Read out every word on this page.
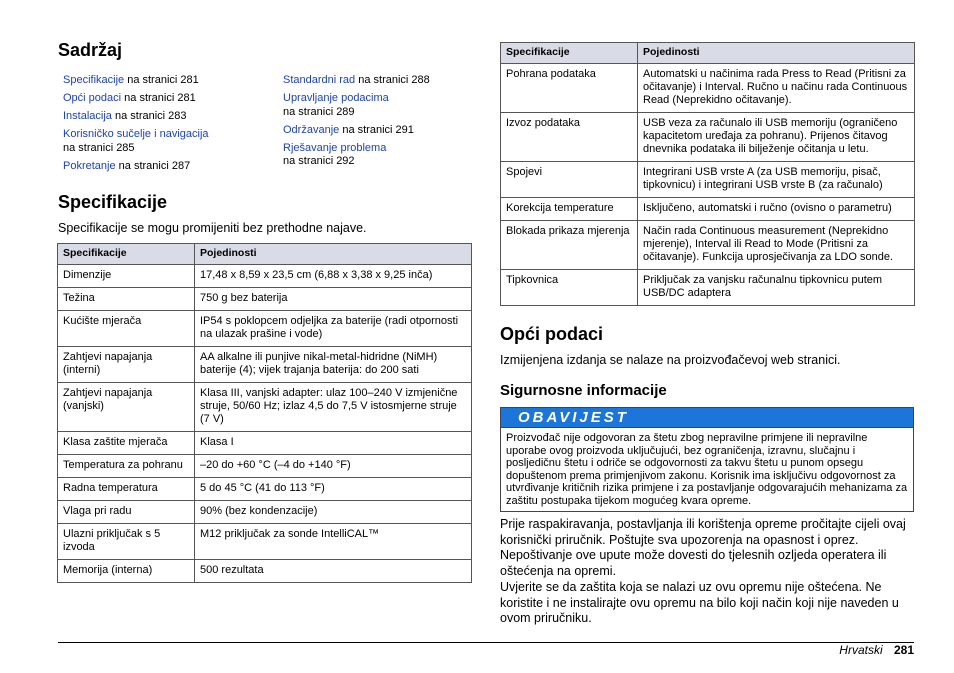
Sadržaj
Specifikacije na stranici 281
Opći podaci na stranici 281
Instalacija na stranici 283
Korisničko sučelje i navigacija
na stranici 285
Pokretanje na stranici 287
Standardni rad na stranici 288
Upravljanje podacima
na stranici 289
Održavanje na stranici 291
Rješavanje problema
na stranici 292
Specifikacije
Specifikacije se mogu promijeniti bez prethodne najave.
Specifikacije	Pojedinosti
Dimenzije	17,48 x 8,59 x 23,5 cm (6,88 x 3,38 x 9,25 inča)
Težina	750 g bez baterija
Kućište mjerača	IP54 s poklopcem odjeljka za baterije (radi otpornosti na ulazak prašine i vode)
Zahtjevi napajanja (interni)	AA alkalne ili punjive nikal-metal-hidridne (NiMH) baterije (4); vijek trajanja baterija: do 200 sati
Zahtjevi napajanja (vanjski)	Klasa III, vanjski adapter: ulaz 100–240 V izmjenične struje, 50/60 Hz; izlaz 4,5 do 7,5 V istosmjerne struje (7 V)
Klasa zaštite mjerača	Klasa I
Temperatura za pohranu	–20 do +60 °C (–4 do +140 °F)
Radna temperatura	5 do 45 °C (41 do 113 °F)
Vlaga pri radu	90% (bez kondenzacije)
Ulazni priključak s 5 izvoda	M12 priključak za sonde IntelliCAL™
Memorija (interna)	500 rezultata
Specifikacije	Pojedinosti
Pohrana podataka	Automatski u načinima rada Press to Read (Pritisni za očitavanje) i Interval. Ručno u načinu rada Continuous Read (Neprekidno očitavanje).
Izvoz podataka	USB veza za računalo ili USB memoriju (ograničeno kapacitetom uređaja za pohranu). Prijenos čitavog dnevnika podataka ili bilježenje očitanja u letu.
Spojevi	Integrirani USB vrste A (za USB memoriju, pisač, tipkovnicu) i integrirani USB vrste B (za računalo)
Korekcija temperature	Isključeno, automatski i ručno (ovisno o parametru)
Blokada prikaza mjerenja	Način rada Continuous measurement (Neprekidno mjerenje), Interval ili Read to Mode (Pritisni za očitavanje). Funkcija uprosječivanja za LDO sonde.
Tipkovnica	Priključak za vanjsku računalnu tipkovnicu putem USB/DC adaptera
Opći podaci
Izmijenjena izdanja se nalaze na proizvođačevoj web stranici.
Sigurnosne informacije
OBAVIJEST
Proizvođač nije odgovoran za štetu zbog nepravilne primjene ili nepravilne uporabe ovog proizvoda uključujući, bez ograničenja, izravnu, slučajnu i posljedičnu štetu i odriče se odgovornosti za takvu štetu u punom opsegu dopuštenom prema primjenjivom zakonu. Korisnik ima isključivu odgovornost za utvrđivanje kritičnih rizika primjene i za postavljanje odgovarajućih mehanizama za zaštitu postupaka tijekom mogućeg kvara opreme.
Prije raspakiravanja, postavljanja ili korištenja opreme pročitajte cijeli ovaj korisnički priručnik. Poštujte sva upozorenja na opasnost i oprez. Nepoštivanje ove upute može dovesti do tjelesnih ozljeda operatera ili oštećenja na opremi.
Uvjerite se da zaštita koja se nalazi uz ovu opremu nije oštećena. Ne koristite i ne instalirajte ovu opremu na bilo koji način koji nije naveden u ovom priručniku.
Hrvatski 281
